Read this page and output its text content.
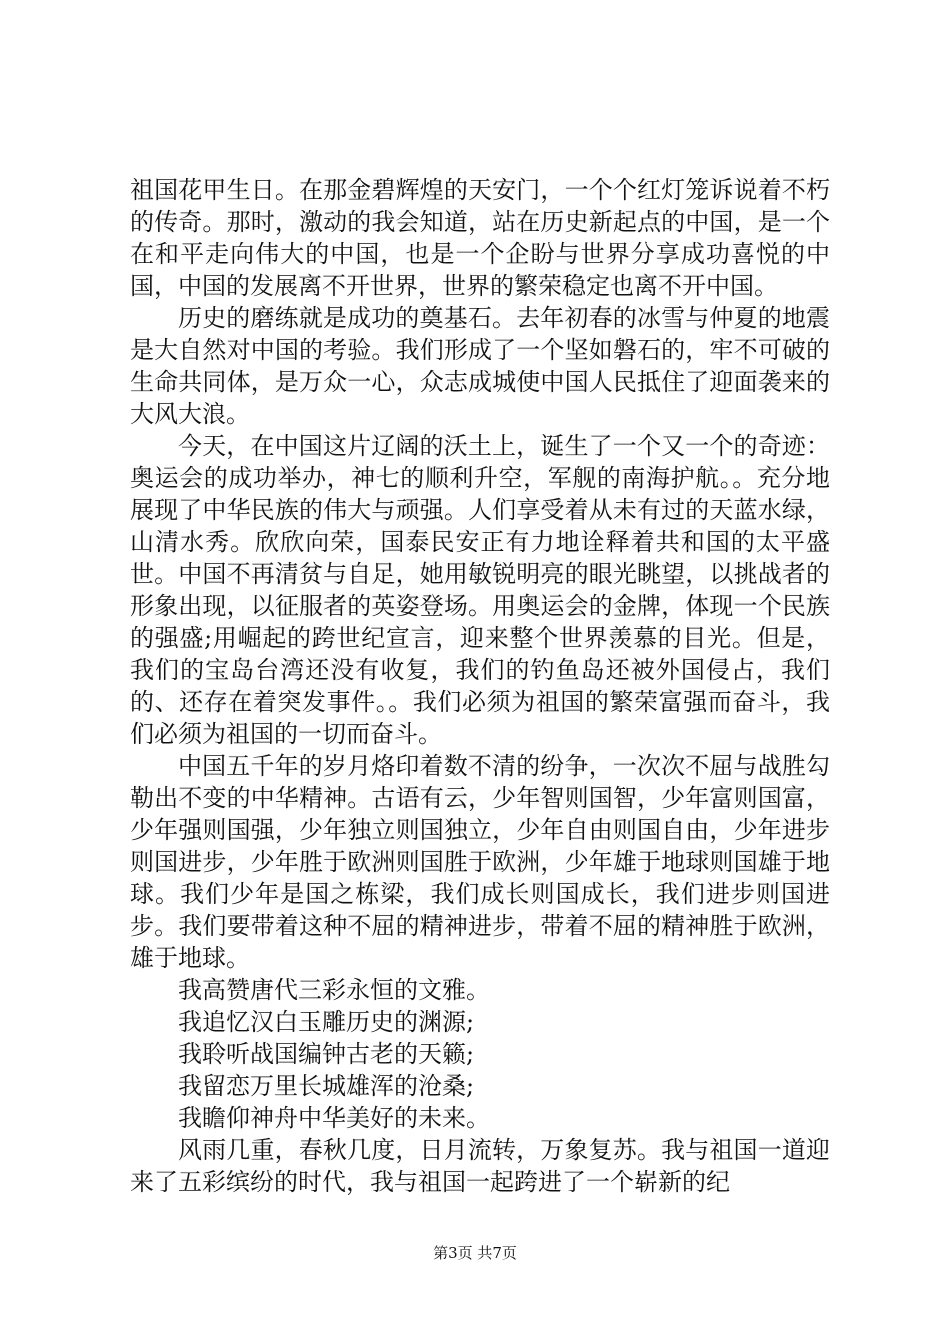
祖国花甲生日。在那金碧辉煌的天安门，一个个红灯笼诉说着不朽的传奇。那时，激动的我会知道，站在历史新起点的中国，是一个在和平走向伟大的中国，也是一个企盼与世界分享成功喜悦的中国，中国的发展离不开世界，世界的繁荣稳定也离不开中国。

历史的磨练就是成功的奠基石。去年初春的冰雪与仲夏的地震是大自然对中国的考验。我们形成了一个坚如磐石的，牢不可破的生命共同体，是万众一心，众志成城使中国人民抵住了迎面袭来的大风大浪。

今天，在中国这片辽阔的沃土上，诞生了一个又一个的奇迹：奥运会的成功举办，神七的顺利升空，军舰的南海护航。。充分地展现了中华民族的伟大与顽强。人们享受着从未有过的天蓝水绿，山清水秀。欣欣向荣，国泰民安正有力地诠释着共和国的太平盛世。中国不再清贫与自足，她用敏锐明亮的眼光眺望，以挑战者的形象出现，以征服者的英姿登场。用奥运会的金牌，体现一个民族的强盛;用崛起的跨世纪宣言，迎来整个世界羡慕的目光。但是，我们的宝岛台湾还没有收复，我们的钓鱼岛还被外国侵占，我们的、还存在着突发事件。。我们必须为祖国的繁荣富强而奋斗，我们必须为祖国的一切而奋斗。

中国五千年的岁月烙印着数不清的纷争，一次次不屈与战胜勾勒出不变的中华精神。古语有云，少年智则国智，少年富则国富，少年强则国强，少年独立则国独立，少年自由则国自由，少年进步则国进步，少年胜于欧洲则国胜于欧洲，少年雄于地球则国雄于地球。我们少年是国之栋梁，我们成长则国成长，我们进步则国进步。我们要带着这种不屈的精神进步，带着不屈的精神胜于欧洲，雄于地球。

我高赞唐代三彩永恒的文雅。

我追忆汉白玉雕历史的渊源;

我聆听战国编钟古老的天籁;

我留恋万里长城雄浑的沧桑;

我瞻仰神舟中华美好的未来。

风雨几重，春秋几度，日月流转，万象复苏。我与祖国一道迎来了五彩缤纷的时代，我与祖国一起跨进了一个崭新的纪

第3页 共7页
